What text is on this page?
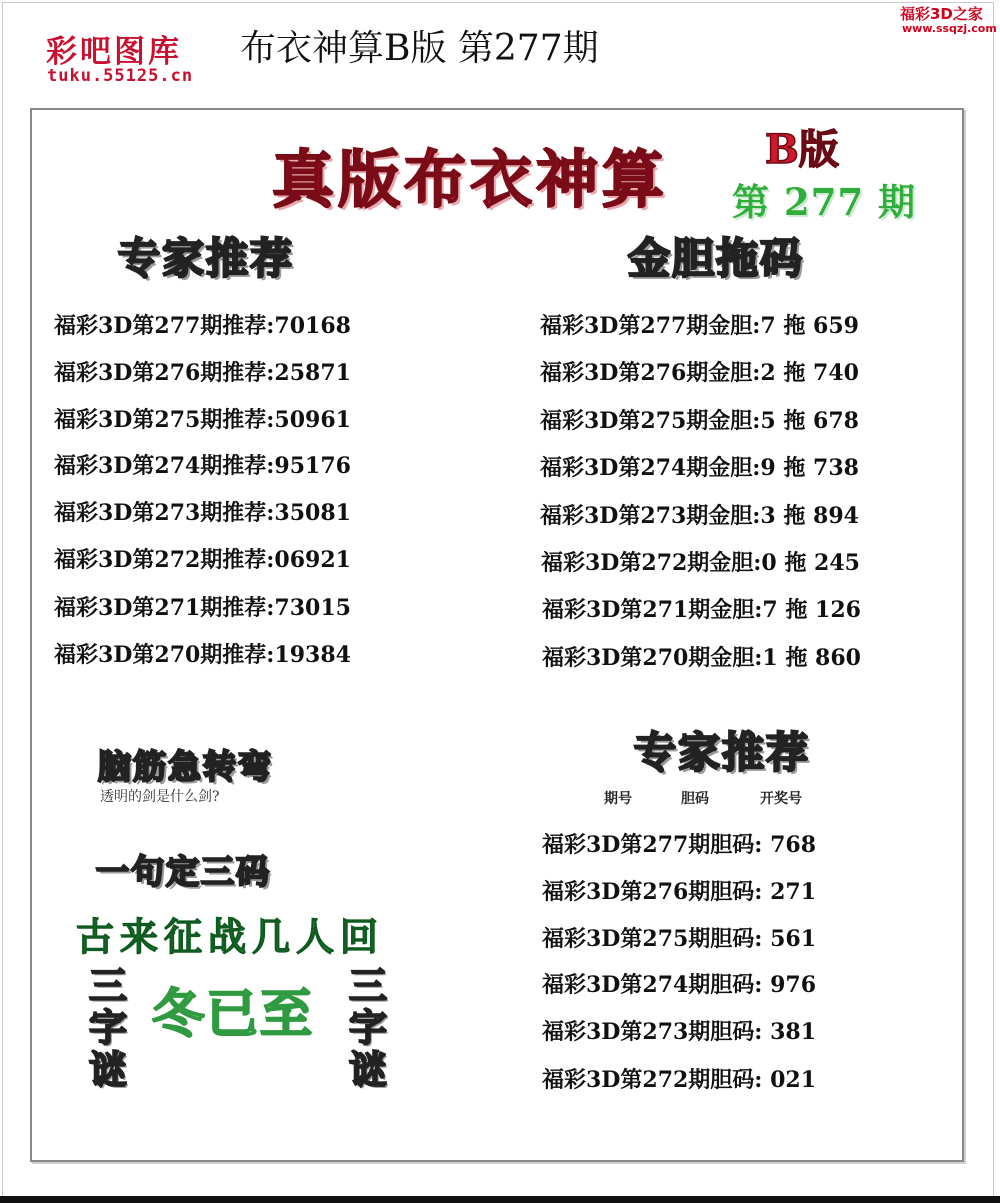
彩吧图库
tuku.55125.cn
布衣神算B版 第277期
福彩3D之家
www.ssqzj.com
真版布衣神算 B版
第 277 期
专家推荐	金胆拖码
专家推荐
脑筋急转弯
透明的剑是什么剑?
一句定三码
期号	胆码	开奖号
古来征战几人回
三
字
谜
冬已至 三
字
谜
福彩3D第277期推荐:70168
福彩3D第276期推荐:25871
福彩3D第275期推荐:50961
福彩3D第274期推荐:95176
福彩3D第273期推荐:35081
福彩3D第272期推荐:06921
福彩3D第271期推荐:73015
福彩3D第270期推荐:19384
福彩3D第277期金胆:7 拖 659
福彩3D第276期金胆:2 拖 740
福彩3D第275期金胆:5 拖 678
福彩3D第274期金胆:9 拖 738
福彩3D第273期金胆:3 拖 894
福彩3D第272期金胆:0 拖 245
福彩3D第271期金胆:7 拖 126
福彩3D第270期金胆:1 拖 860
福彩3D第277期胆码: 768
福彩3D第276期胆码: 271
福彩3D第275期胆码: 561
福彩3D第274期胆码: 976
福彩3D第273期胆码: 381
福彩3D第272期胆码: 021
